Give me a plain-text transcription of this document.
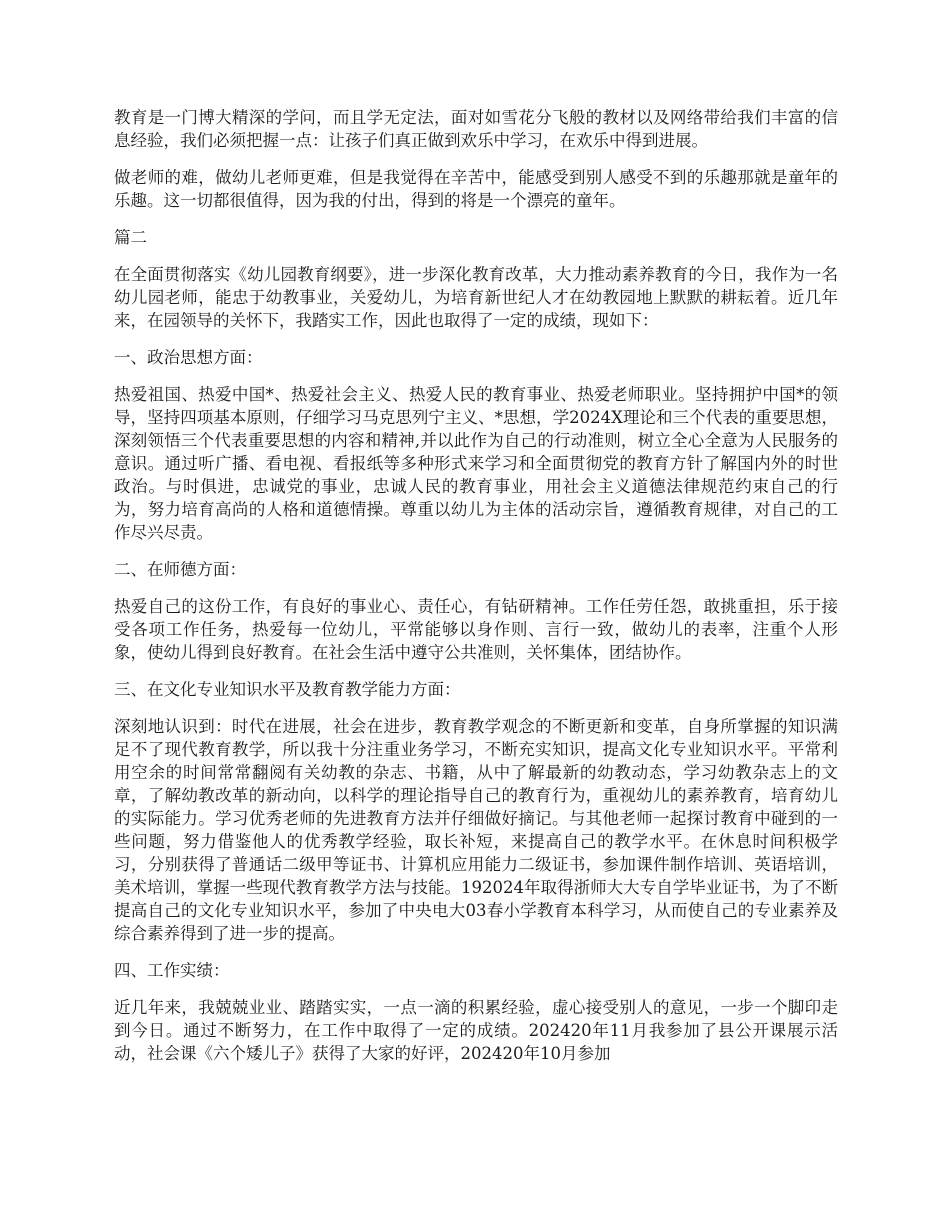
教育是一门博大精深的学问，而且学无定法，面对如雪花分飞般的教材以及网络带给我们丰富的信息经验，我们必须把握一点：让孩子们真正做到欢乐中学习，在欢乐中得到进展。

做老师的难，做幼儿老师更难，但是我觉得在辛苦中，能感受到别人感受不到的乐趣那就是童年的乐趣。这一切都很值得，因为我的付出，得到的将是一个漂亮的童年。

篇二

在全面贯彻落实《幼儿园教育纲要》，进一步深化教育改革，大力推动素养教育的今日，我作为一名幼儿园老师，能忠于幼教事业，关爱幼儿，为培育新世纪人才在幼教园地上默默的耕耘着。近几年来，在园领导的关怀下，我踏实工作，因此也取得了一定的成绩，现如下：

一、政治思想方面：

热爱祖国、热爱中国*、热爱社会主义、热爱人民的教育事业、热爱老师职业。坚持拥护中国*的领导，坚持四项基本原则，仔细学习马克思列宁主义、*思想，学2024X理论和三个代表的重要思想，深刻领悟三个代表重要思想的内容和精神,并以此作为自己的行动准则，树立全心全意为人民服务的意识。通过听广播、看电视、看报纸等多种形式来学习和全面贯彻党的教育方针了解国内外的时世政治。与时俱进，忠诚党的事业，忠诚人民的教育事业，用社会主义道德法律规范约束自己的行为，努力培育高尚的人格和道德情操。尊重以幼儿为主体的活动宗旨，遵循教育规律，对自己的工作尽兴尽责。

二、在师德方面：

热爱自己的这份工作，有良好的事业心、责任心，有钻研精神。工作任劳任怨，敢挑重担，乐于接受各项工作任务，热爱每一位幼儿，平常能够以身作则、言行一致，做幼儿的表率，注重个人形象，使幼儿得到良好教育。在社会生活中遵守公共准则，关怀集体，团结协作。

三、在文化专业知识水平及教育教学能力方面：

深刻地认识到：时代在进展，社会在进步，教育教学观念的不断更新和变革，自身所掌握的知识满足不了现代教育教学，所以我十分注重业务学习，不断充实知识，提高文化专业知识水平。平常利用空余的时间常常翻阅有关幼教的杂志、书籍，从中了解最新的幼教动态，学习幼教杂志上的文章，了解幼教改革的新动向，以科学的理论指导自己的教育行为，重视幼儿的素养教育，培育幼儿的实际能力。学习优秀老师的先进教育方法并仔细做好摘记。与其他老师一起探讨教育中碰到的一些问题，努力借鉴他人的优秀教学经验，取长补短，来提高自己的教学水平。在休息时间积极学习，分别获得了普通话二级甲等证书、计算机应用能力二级证书，参加课件制作培训、英语培训，美术培训，掌握一些现代教育教学方法与技能。192024年取得浙师大大专自学毕业证书，为了不断提高自己的文化专业知识水平，参加了中央电大03春小学教育本科学习，从而使自己的专业素养及综合素养得到了进一步的提高。

四、工作实绩：

近几年来，我兢兢业业、踏踏实实，一点一滴的积累经验，虚心接受别人的意见，一步一个脚印走到今日。通过不断努力，在工作中取得了一定的成绩。202420年11月我参加了县公开课展示活动，社会课《六个矮儿子》获得了大家的好评，202420年10月参加
